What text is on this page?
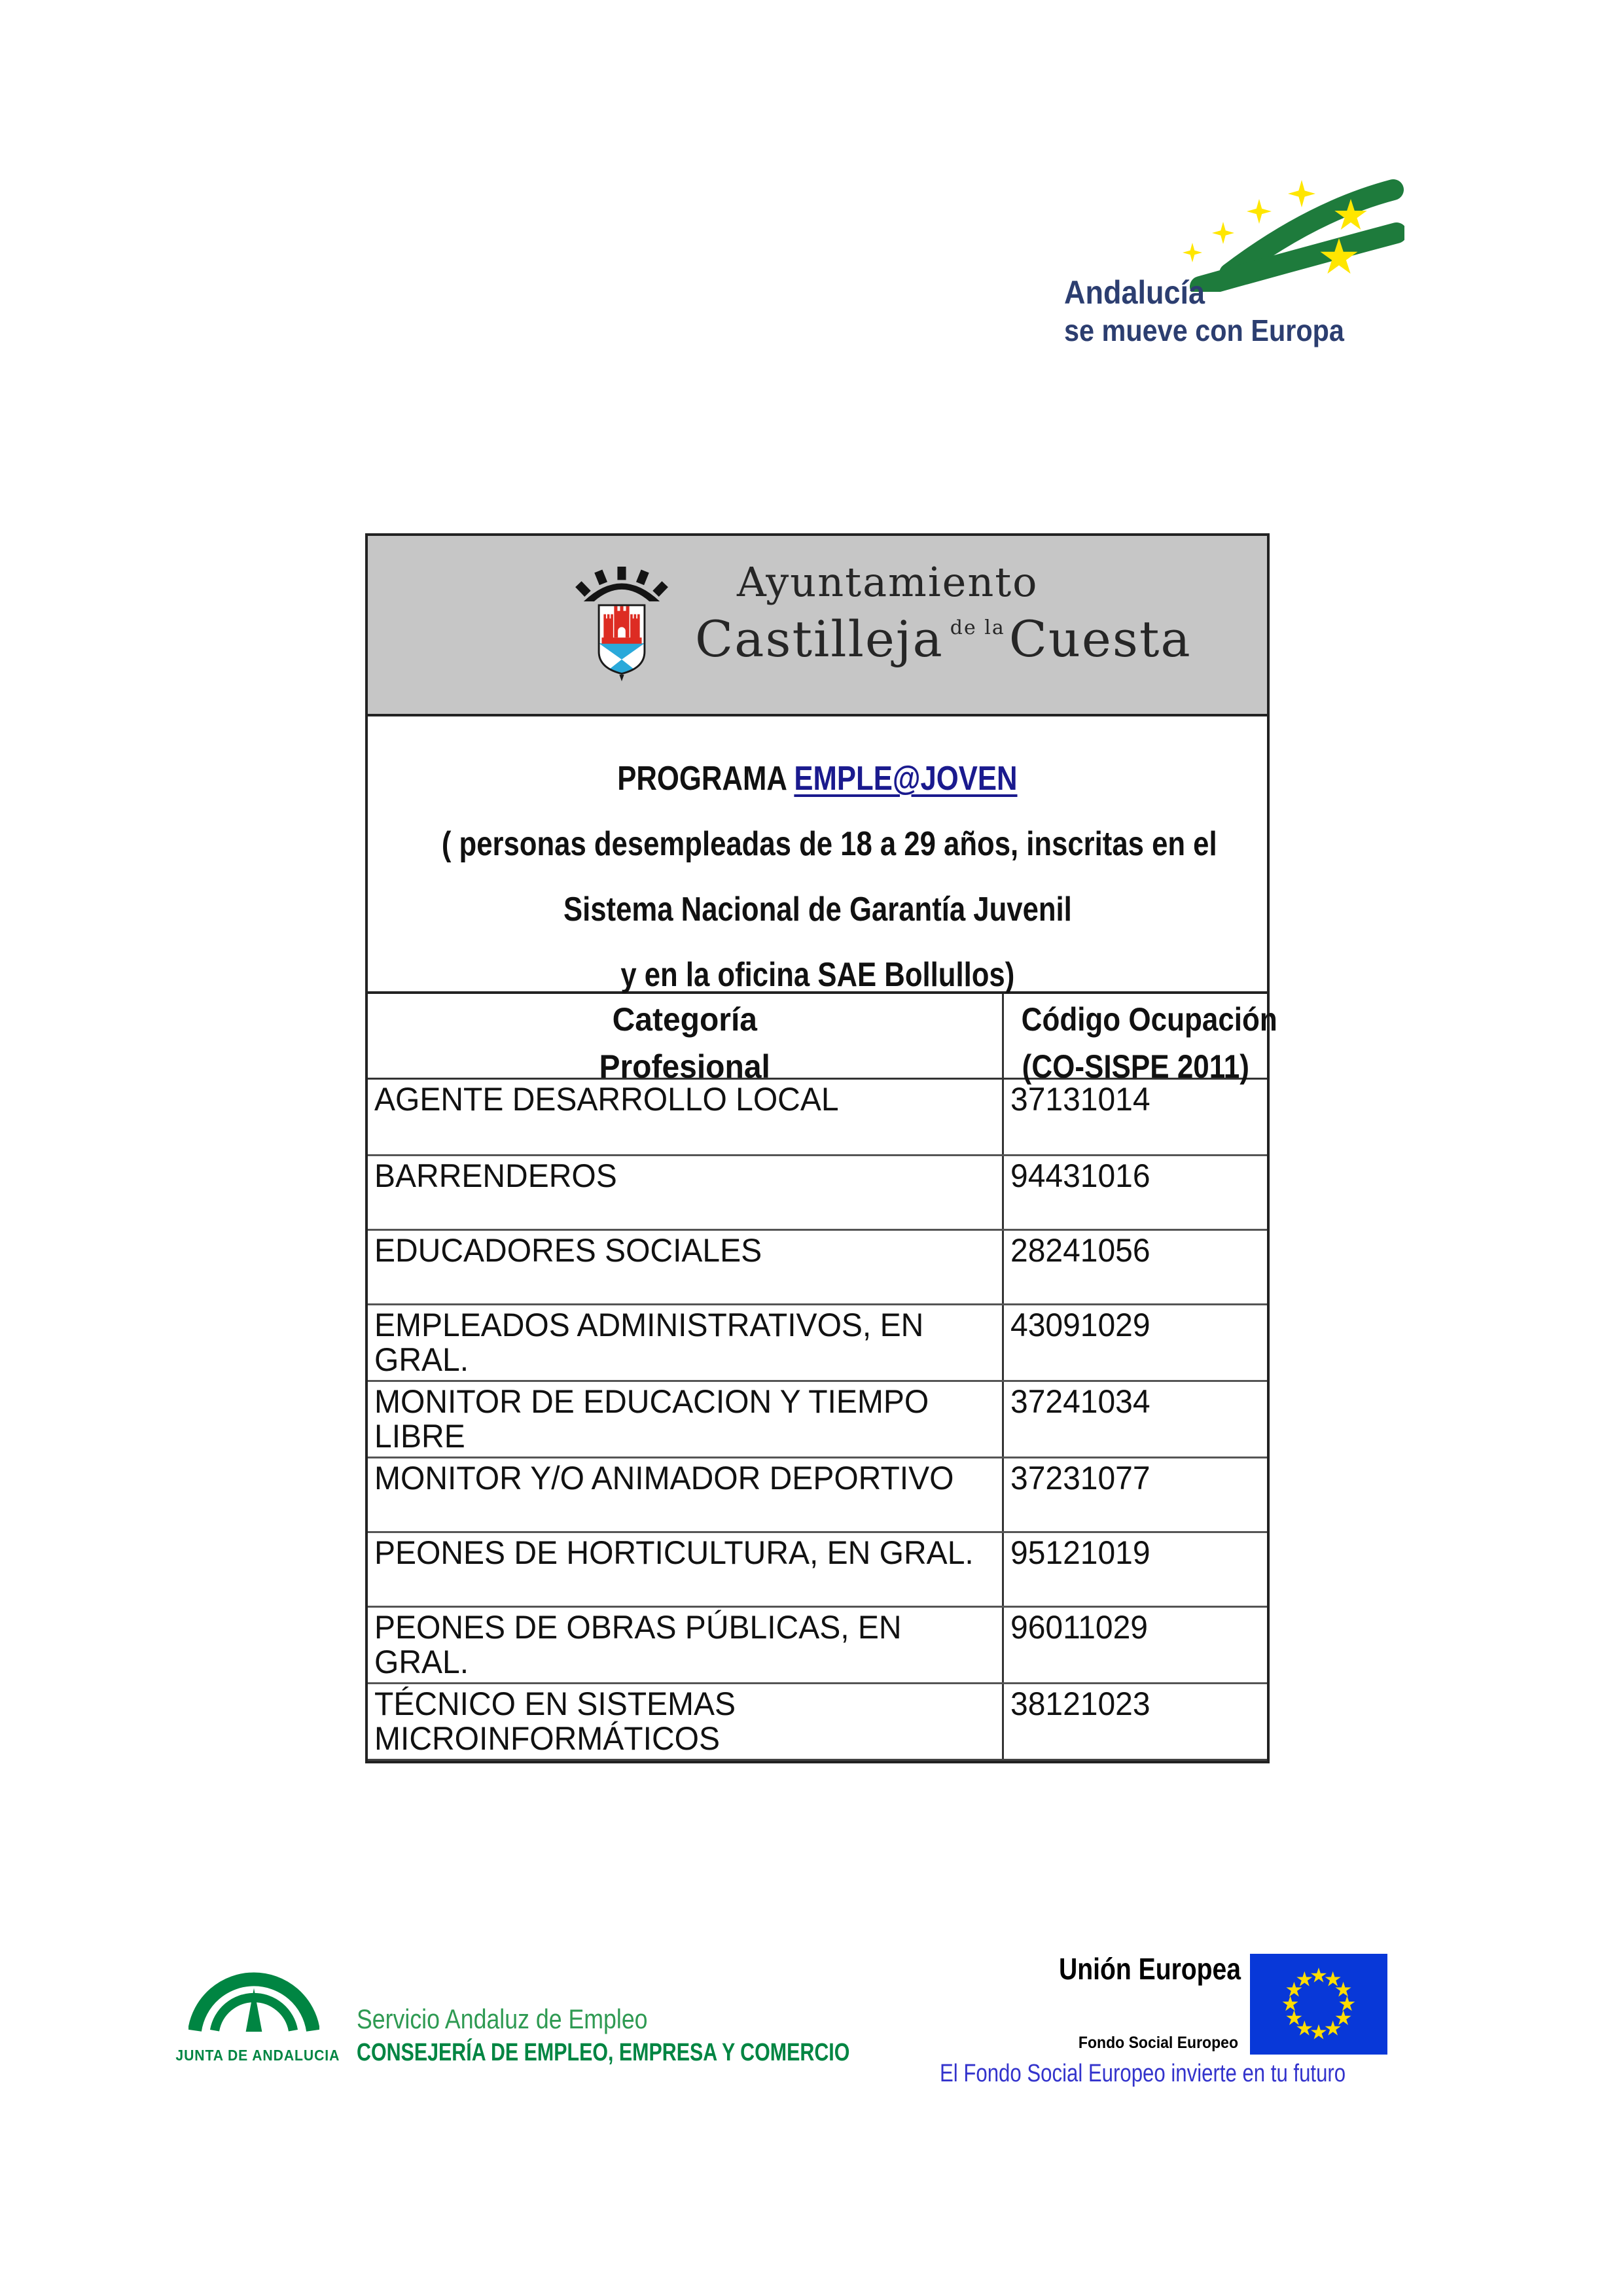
Andalucía
se mueve con Europa
Ayuntamiento
Castilleja $^{de la}$Cuesta
PROGRAMA EMPLE@JOVEN
( personas desempleadas de 18 a 29 años, inscritas en el
Sistema Nacional de Garantía Juvenil
y en la oficina SAE Bollullos)
Categoría
Profesional
Código Ocupación
(CO-SISPE 2011)
AGENTE DESARROLLO LOCAL	37131014
BARRENDEROS	94431016
EDUCADORES SOCIALES	28241056
EMPLEADOS ADMINISTRATIVOS, EN GRAL.
43091029
MONITOR DE EDUCACION Y TIEMPO LIBRE
37241034
MONITOR Y/O ANIMADOR DEPORTIVO	37231077
PEONES DE HORTICULTURA, EN GRAL.	95121019
PEONES DE OBRAS PÚBLICAS, EN GRAL.
96011029
TÉCNICO EN SISTEMAS MICROINFORMÁTICOS
38121023
JUNTA DE ANDALUCIA
Servicio Andaluz de Empleo
CONSEJERÍA DE EMPLEO, EMPRESA Y COMERCIO
Unión Europea
Fondo Social Europeo
El Fondo Social Europeo invierte en tu futuro
